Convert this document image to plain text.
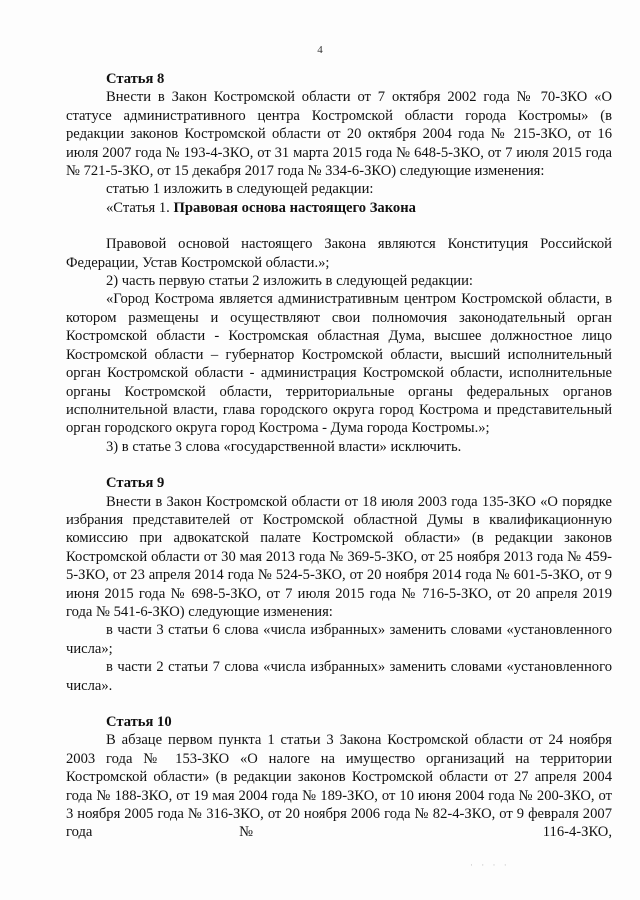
4

Статья 8

Внести в Закон Костромской области от 7 октября 2002 года № 70-ЗКО «О статусе административного центра Костромской области города Костромы» (в редакции законов Костромской области от 20 октября 2004 года № 215-ЗКО, от 16 июля 2007 года № 193-4-ЗКО, от 31 марта 2015 года № 648-5-ЗКО, от 7 июля 2015 года № 721-5-ЗКО, от 15 декабря 2017 года № 334-6-ЗКО) следующие изменения:

статью 1 изложить в следующей редакции:

«Статья 1. Правовая основа настоящего Закона

Правовой основой настоящего Закона являются Конституция Российской Федерации, Устав Костромской области.»;

2) часть первую статьи 2 изложить в следующей редакции:

«Город Кострома является административным центром Костромской области, в котором размещены и осуществляют свои полномочия законодательный орган Костромской области - Костромская областная Дума, высшее должностное лицо Костромской области – губернатор Костромской области, высший исполнительный орган Костромской области - администрация Костромской области, исполнительные органы Костромской области, территориальные органы федеральных органов исполнительной власти, глава городского округа город Кострома и представительный орган городского округа город Кострома - Дума города Костромы.»;

3) в статье 3 слова «государственной власти» исключить.

Статья 9

Внести в Закон Костромской области от 18 июля 2003 года 135-ЗКО «О порядке избрания представителей от Костромской областной Думы в квалификационную комиссию при адвокатской палате Костромской области» (в редакции законов Костромской области от 30 мая 2013 года № 369-5-ЗКО, от 25 ноября 2013 года № 459-5-ЗКО, от 23 апреля 2014 года № 524-5-ЗКО, от 20 ноября 2014 года № 601-5-ЗКО, от 9 июня 2015 года № 698-5-ЗКО, от 7 июля 2015 года № 716-5-ЗКО, от 20 апреля 2019 года № 541-6-ЗКО) следующие изменения:

в части 3 статьи 6 слова «числа избранных» заменить словами «установленного числа»;

в части 2 статьи 7 слова «числа избранных» заменить словами «установленного числа».

Статья 10

В абзаце первом пункта 1 статьи 3 Закона Костромской области от 24 ноября 2003 года № 153-ЗКО «О налоге на имущество организаций на территории Костромской области» (в редакции законов Костромской области от 27 апреля 2004 года № 188-ЗКО, от 19 мая 2004 года № 189-ЗКО, от 10 июня 2004 года № 200-ЗКО, от 3 ноября 2005 года № 316-ЗКО, от 20 ноября 2006 года № 82-4-ЗКО, от 9 февраля 2007 года № 116-4-ЗКО,

· · · ·
